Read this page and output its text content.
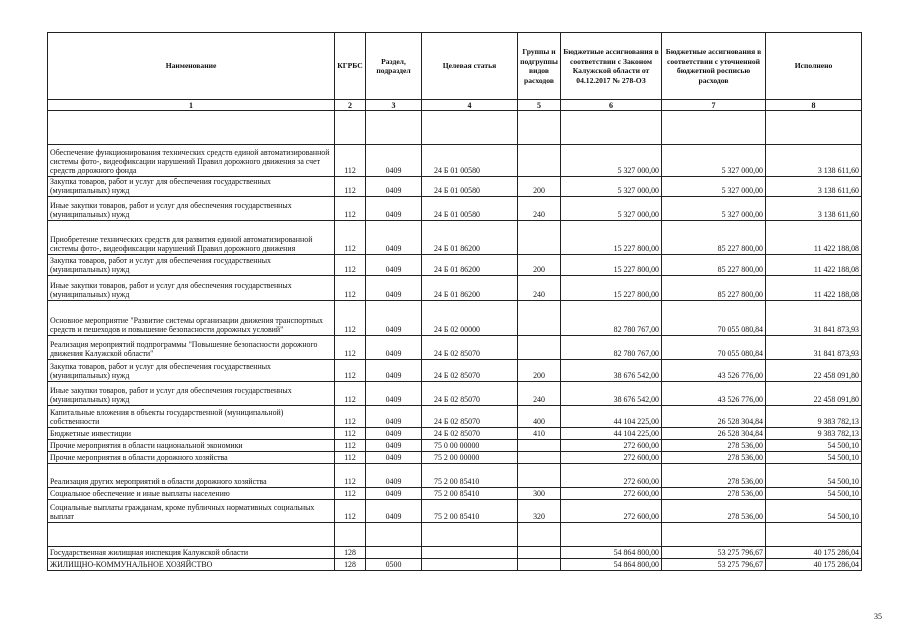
Наименование	КГРБС	Раздел, подраздел	Целевая статья	Группы и подгруппы видов расходов	Бюджетные ассигнования в соответствии с Законом Калужской области от 04.12.2017 № 278-ОЗ	Бюджетные ассигнования в соответствии с уточненной бюджетной росписью расходов	Исполнено
1	2	3	4	5	6	7	8

Обеспечение функционирования технических средств единой автоматизированной системы фото-, видеофиксации нарушений Правил дорожного движения за счет средств дорожного фонда	112	0409	24 Б 01 00580		5 327 000,00	5 327 000,00	3 138 611,60
Закупка товаров, работ и услуг для обеспечения государственных (муниципальных) нужд	112	0409	24 Б 01 00580	200	5 327 000,00	5 327 000,00	3 138 611,60
Иные закупки товаров, работ и услуг для обеспечения государственных (муниципальных) нужд	112	0409	24 Б 01 00580	240	5 327 000,00	5 327 000,00	3 138 611,60
Приобретение технических средств для развития единой автоматизированной системы фото-, видеофиксации нарушений Правил дорожного движения	112	0409	24 Б 01 86200		15 227 800,00	85 227 800,00	11 422 188,08
Закупка товаров, работ и услуг для обеспечения государственных (муниципальных) нужд	112	0409	24 Б 01 86200	200	15 227 800,00	85 227 800,00	11 422 188,08
Иные закупки товаров, работ и услуг для обеспечения государственных (муниципальных) нужд	112	0409	24 Б 01 86200	240	15 227 800,00	85 227 800,00	11 422 188,08
Основное мероприятие "Развитие системы организации движения транспортных средств и пешеходов и повышение безопасности дорожных условий"	112	0409	24 Б 02 00000		82 780 767,00	70 055 080,84	31 841 873,93
Реализация мероприятий подпрограммы "Повышение безопасности дорожного движения Калужской области"	112	0409	24 Б 02 85070		82 780 767,00	70 055 080,84	31 841 873,93
Закупка товаров, работ и услуг для обеспечения государственных (муниципальных) нужд	112	0409	24 Б 02 85070	200	38 676 542,00	43 526 776,00	22 458 091,80
Иные закупки товаров, работ и услуг для обеспечения государственных (муниципальных) нужд	112	0409	24 Б 02 85070	240	38 676 542,00	43 526 776,00	22 458 091,80
Капитальные вложения в объекты государственной (муниципальной) собственности	112	0409	24 Б 02 85070	400	44 104 225,00	26 528 304,84	9 383 782,13
Бюджетные инвестиции	112	0409	24 Б 02 85070	410	44 104 225,00	26 528 304,84	9 383 782,13
Прочие мероприятия в области национальной экономики	112	0409	75 0 00 00000		272 600,00	278 536,00	54 500,10
Прочие мероприятия в области дорожного хозяйства	112	0409	75 2 00 00000		272 600,00	278 536,00	54 500,10
Реализация других мероприятий в области дорожного хозяйства	112	0409	75 2 00 85410		272 600,00	278 536,00	54 500,10
Социальное обеспечение и иные выплаты населению	112	0409	75 2 00 85410	300	272 600,00	278 536,00	54 500,10
Социальные выплаты гражданам, кроме публичных нормативных социальных выплат	112	0409	75 2 00 85410	320	272 600,00	278 536,00	54 500,10

Государственная жилищная инспекция Калужской области	128				54 864 800,00	53 275 796,67	40 175 286,04
ЖИЛИЩНО-КОММУНАЛЬНОЕ ХОЗЯЙСТВО	128	0500			54 864 800,00	53 275 796,67	40 175 286,04
35
